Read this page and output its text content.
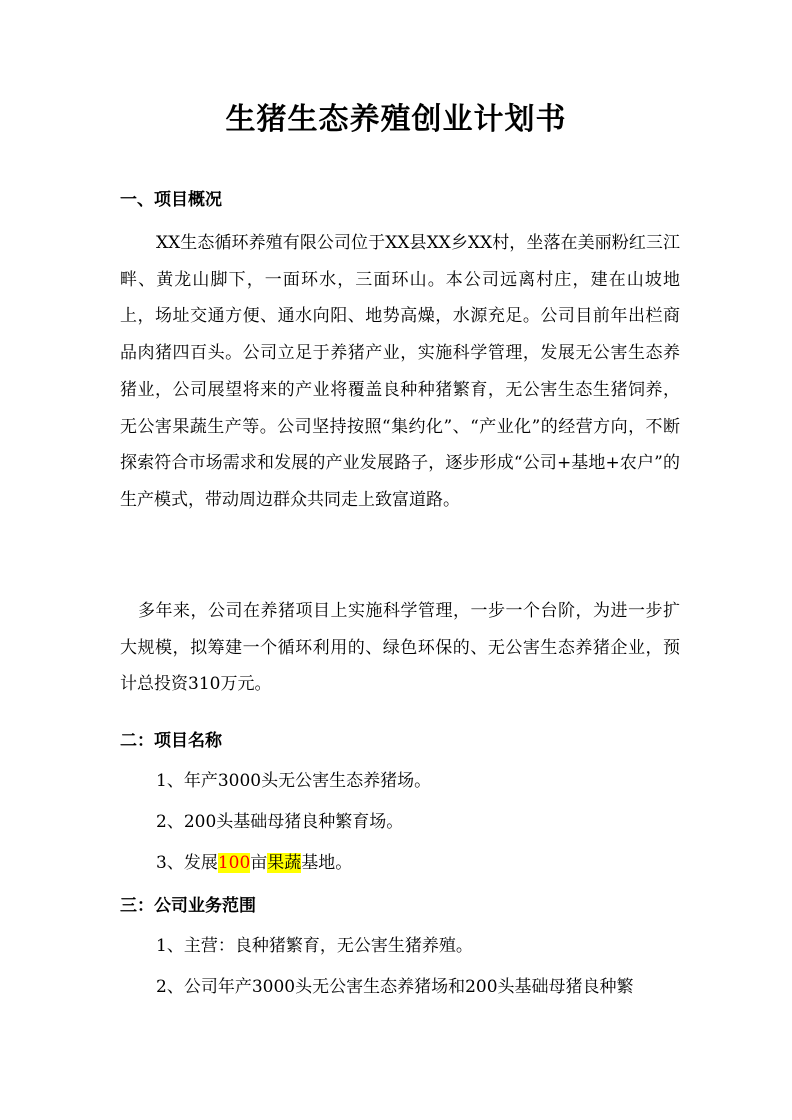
生猪生态养殖创业计划书
一、项目概况

XX生态循环养殖有限公司位于XX县XX乡XX村，坐落在美丽粉红三江畔、黄龙山脚下，一面环水，三面环山。本公司远离村庄，建在山坡地上，场址交通方便、通水向阳、地势高燥，水源充足。公司目前年出栏商品肉猪四百头。公司立足于养猪产业，实施科学管理，发展无公害生态养猪业，公司展望将来的产业将覆盖良种种猪繁育，无公害生态生猪饲养，无公害果蔬生产等。公司坚持按照“集约化”、“产业化”的经营方向，不断探索符合市场需求和发展的产业发展路子，逐步形成“公司+基地+农户”的生产模式，带动周边群众共同走上致富道路。

多年来，公司在养猪项目上实施科学管理，一步一个台阶，为进一步扩大规模，拟筹建一个循环利用的、绿色环保的、无公害生态养猪企业，预计总投资310万元。

二：项目名称
1、年产3000头无公害生态养猪场。
2、200头基础母猪良种繁育场。
3、发展100亩果蔬基地。
三：公司业务范围
1、主营：良种猪繁育，无公害生猪养殖。
2、公司年产3000头无公害生态养猪场和200头基础母猪良种繁
